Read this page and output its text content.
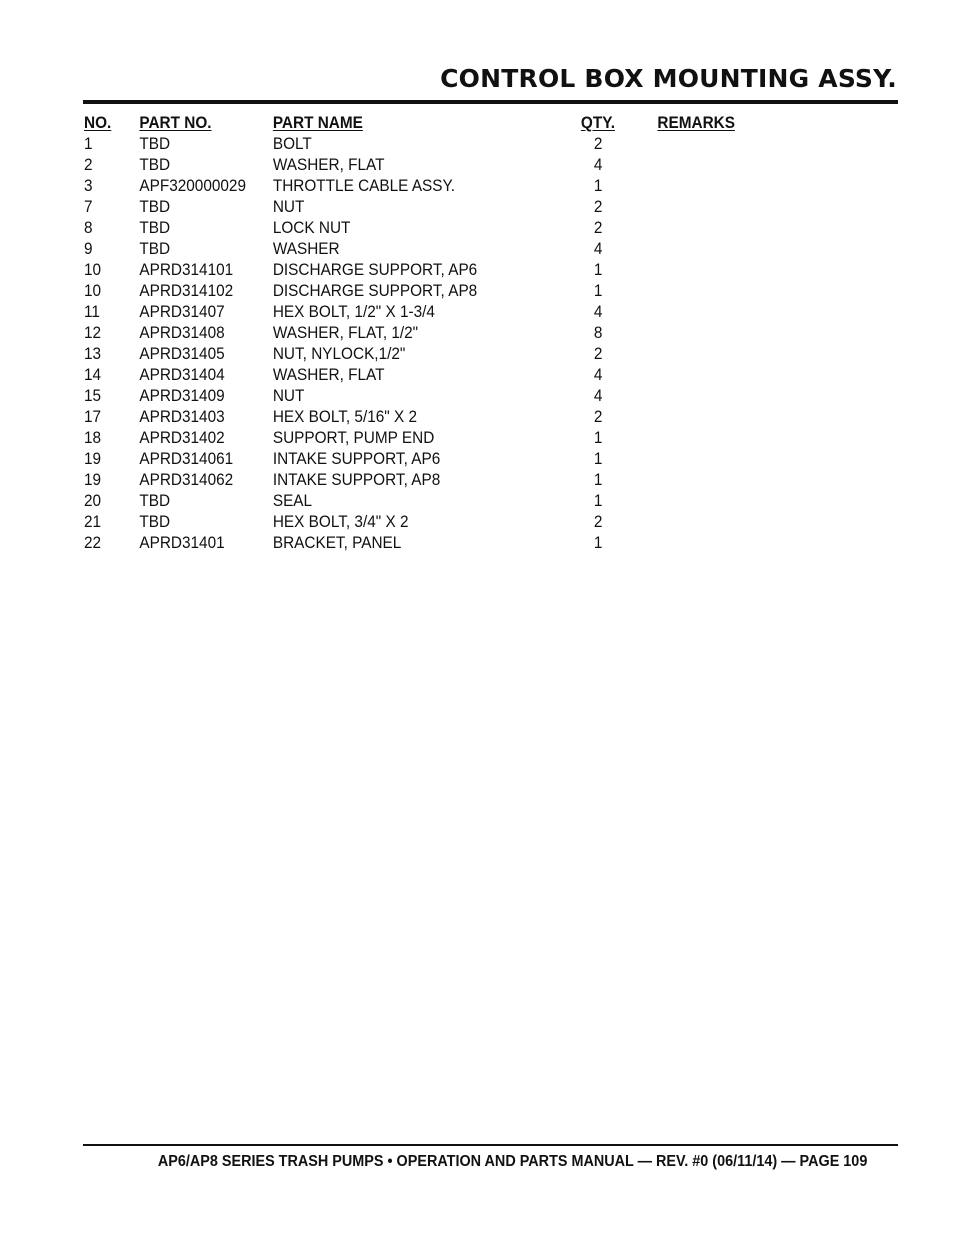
CONTROL BOX MOUNTING ASSY.
NO.	PART NO.	PART NAME	QTY.	REMARKS
1	TBD	BOLT	2	
2	TBD	WASHER, FLAT	4	
3	APF320000029	THROTTLE CABLE ASSY.	1	
7	TBD	NUT	2	
8	TBD	LOCK NUT	2	
9	TBD	WASHER	4	
10	APRD314101	DISCHARGE SUPPORT, AP6	1	
10	APRD314102	DISCHARGE SUPPORT, AP8	1	
11	APRD31407	HEX BOLT, 1/2" X 1-3/4	4	
12	APRD31408	WASHER, FLAT, 1/2"	8	
13	APRD31405	NUT, NYLOCK,1/2"	2	
14	APRD31404	WASHER, FLAT	4	
15	APRD31409	NUT	4	
17	APRD31403	HEX BOLT, 5/16" X 2	2	
18	APRD31402	SUPPORT, PUMP END	1	
19	APRD314061	INTAKE SUPPORT, AP6	1	
19	APRD314062	INTAKE SUPPORT, AP8	1	
20	TBD	SEAL	1	
21	TBD	HEX BOLT, 3/4" X 2	2	
22	APRD31401	BRACKET, PANEL	1	
AP6/AP8 SERIES TRASH PUMPS • OPERATION AND PARTS MANUAL — REV. #0 (06/11/14) — PAGE 109
